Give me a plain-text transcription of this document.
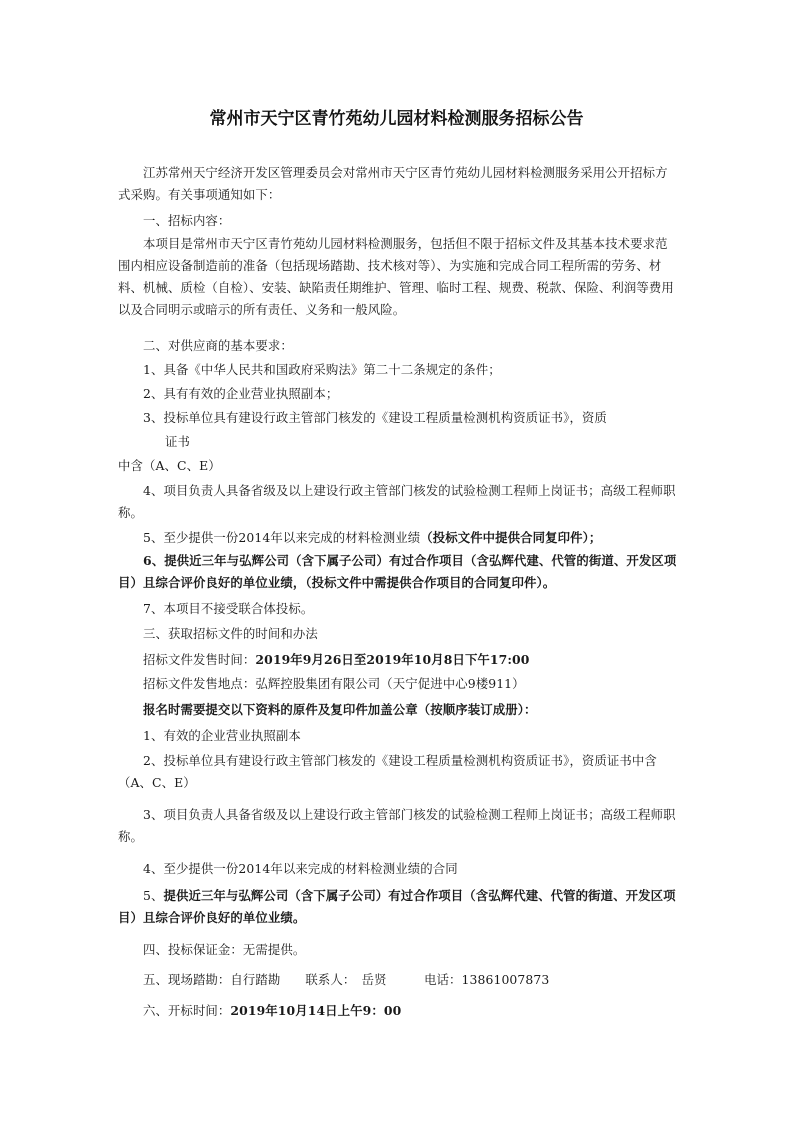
常州市天宁区青竹苑幼儿园材料检测服务招标公告
　　江苏常州天宁经济开发区管理委员会对常州市天宁区青竹苑幼儿园材料检测服务采用公开招标方式采购。有关事项通知如下：
　　一、招标内容：
　　本项目是常州市天宁区青竹苑幼儿园材料检测服务，包括但不限于招标文件及其基本技术要求范围内相应设备制造前的准备（包括现场踏勘、技术核对等）、为实施和完成合同工程所需的劳务、材料、机械、质检（自检）、安装、缺陷责任期维护、管理、临时工程、规费、税款、保险、利润等费用以及合同明示或暗示的所有责任、义务和一般风险。
　　二、对供应商的基本要求：
　　1、具备《中华人民共和国政府采购法》第二十二条规定的条件；
　　2、具有有效的企业营业执照副本；
　　3、投标单位具有建设行政主管部门核发的《建设工程质量检测机构资质证书》，资质
证书
中含（A、C、E）
　　4、项目负责人具备省级及以上建设行政主管部门核发的试验检测工程师上岗证书；高级工程师职称。
　　5、至少提供一份2014年以来完成的材料检测业绩（投标文件中提供合同复印件）；
　　6、提供近三年与弘辉公司（含下属子公司）有过合作项目（含弘辉代建、代管的街道、开发区项目）且综合评价良好的单位业绩，（投标文件中需提供合作项目的合同复印件）。
　　7、本项目不接受联合体投标。
　　三、获取招标文件的时间和办法
　　招标文件发售时间：2019年9月26日至2019年10月8日下午17:00
　　招标文件发售地点：弘辉控股集团有限公司（天宁促进中心9楼911）
　　报名时需要提交以下资料的原件及复印件加盖公章（按顺序装订成册）：
　　1、有效的企业营业执照副本
　　2、投标单位具有建设行政主管部门核发的《建设工程质量检测机构资质证书》，资质证书中含（A、C、E）
　　3、项目负责人具备省级及以上建设行政主管部门核发的试验检测工程师上岗证书；高级工程师职称。
　　4、至少提供一份2014年以来完成的材料检测业绩的合同
　　5、提供近三年与弘辉公司（含下属子公司）有过合作项目（含弘辉代建、代管的街道、开发区项目）且综合评价良好的单位业绩。
　　四、投标保证金：无需提供。
　　五、现场踏勘：自行踏勘　　联系人：　岳贤　　　电话：13861007873
　　六、开标时间：2019年10月14日上午9：00
